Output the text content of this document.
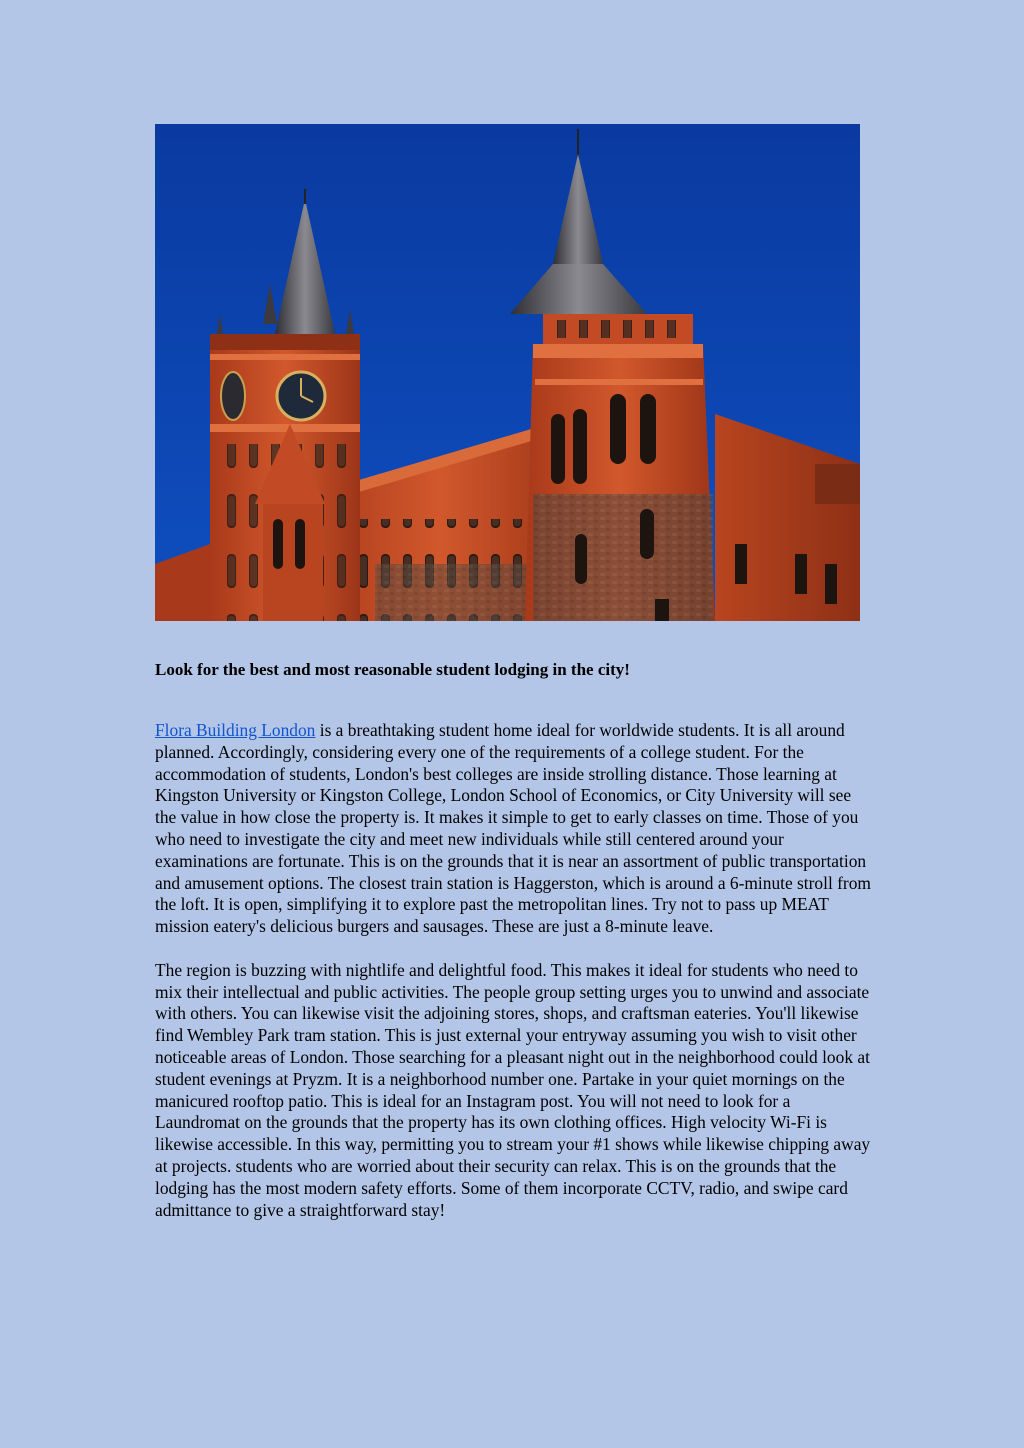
Look for the best and most reasonable student lodging in the city!

Flora Building London is a breathtaking student home ideal for worldwide students. It is all around planned. Accordingly, considering every one of the requirements of a college student. For the accommodation of students, London's best colleges are inside strolling distance. Those learning at Kingston University or Kingston College, London School of Economics, or City University will see the value in how close the property is. It makes it simple to get to early classes on time. Those of you who need to investigate the city and meet new individuals while still centered around your examinations are fortunate. This is on the grounds that it is near an assortment of public transportation and amusement options. The closest train station is Haggerston, which is around a 6-minute stroll from the loft. It is open, simplifying it to explore past the metropolitan lines. Try not to pass up MEAT mission eatery's delicious burgers and sausages. These are just a 8-minute leave.

The region is buzzing with nightlife and delightful food. This makes it ideal for students who need to mix their intellectual and public activities. The people group setting urges you to unwind and associate with others. You can likewise visit the adjoining stores, shops, and craftsman eateries. You'll likewise find Wembley Park tram station. This is just external your entryway assuming you wish to visit other noticeable areas of London. Those searching for a pleasant night out in the neighborhood could look at student evenings at Pryzm. It is a neighborhood number one. Partake in your quiet mornings on the manicured rooftop patio. This is ideal for an Instagram post. You will not need to look for a Laundromat on the grounds that the property has its own clothing offices. High velocity Wi-Fi is likewise accessible. In this way, permitting you to stream your #1 shows while likewise chipping away at projects. students who are worried about their security can relax. This is on the grounds that the lodging has the most modern safety efforts. Some of them incorporate CCTV, radio, and swipe card admittance to give a straightforward stay!
